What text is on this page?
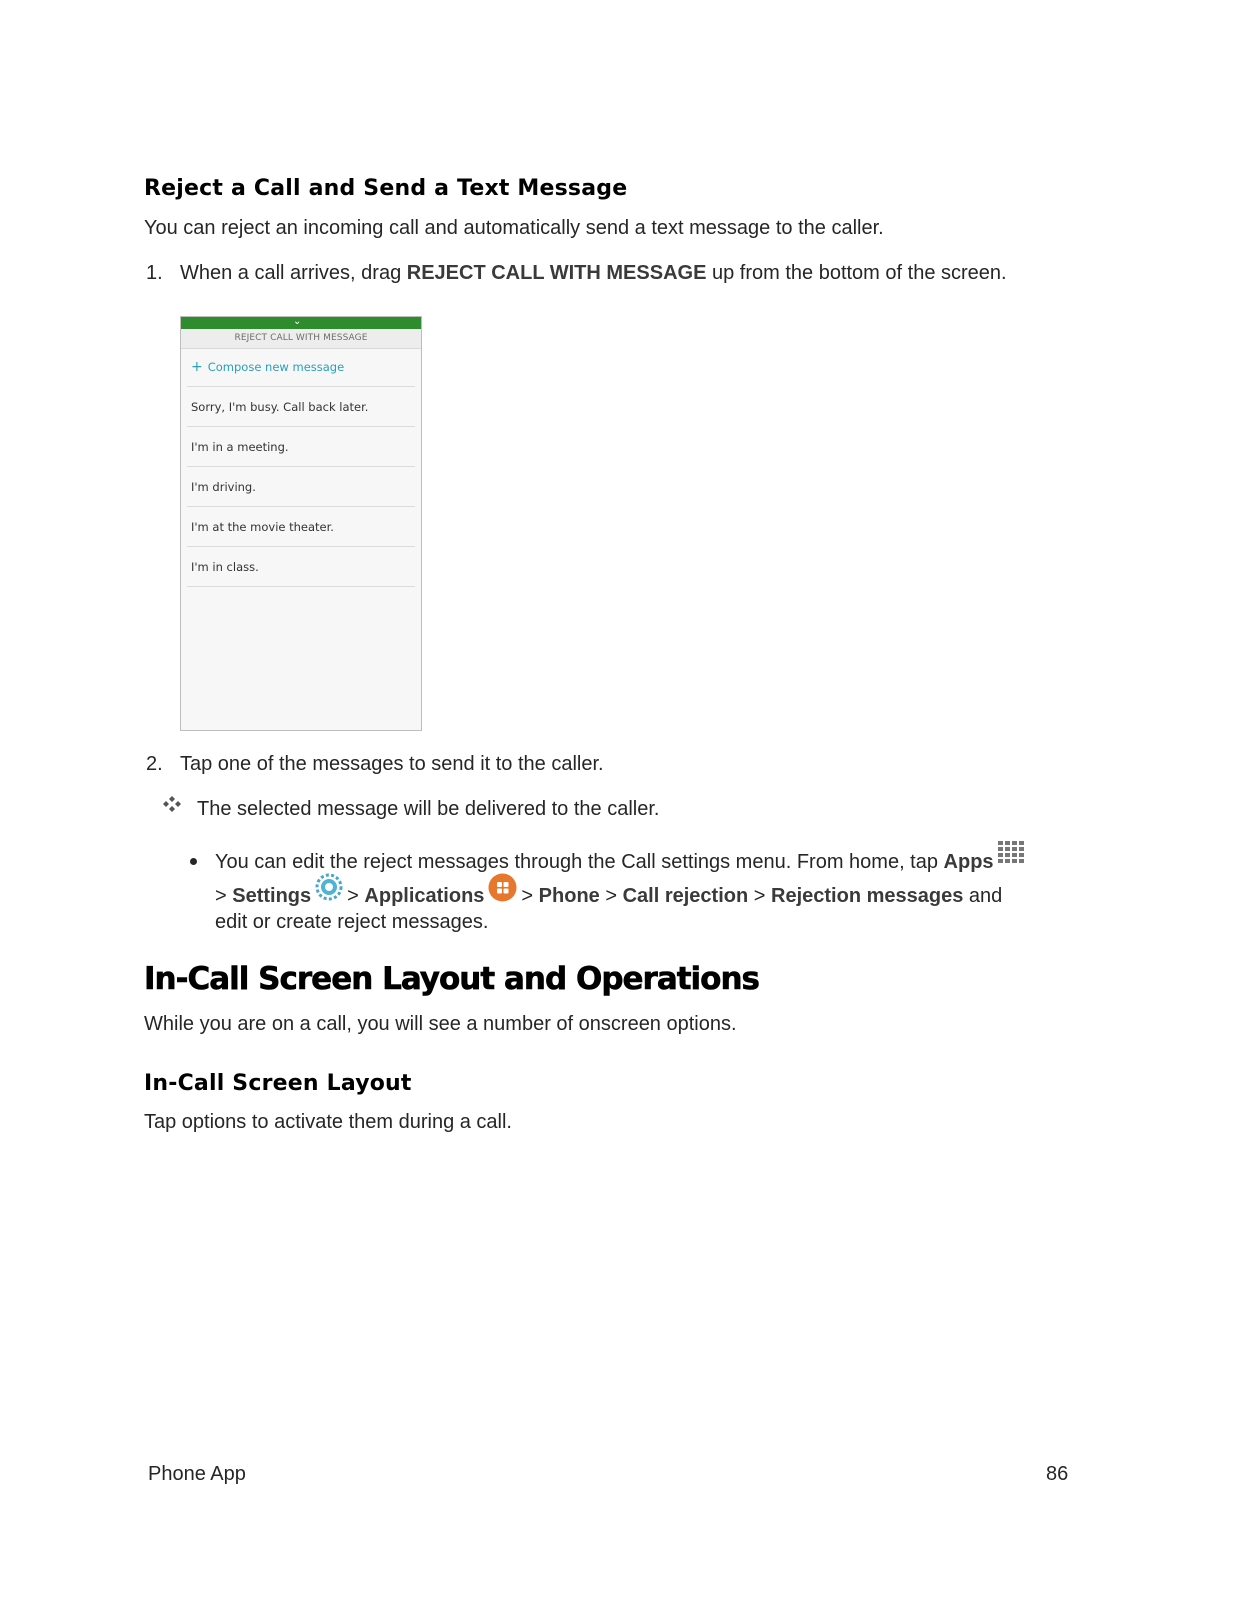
Reject a Call and Send a Text Message
You can reject an incoming call and automatically send a text message to the caller.
1. When a call arrives, drag REJECT CALL WITH MESSAGE up from the bottom of the screen.
⌄
REJECT CALL WITH MESSAGE
+ Compose new message
Sorry, I'm busy. Call back later.
I'm in a meeting.
I'm driving.
I'm at the movie theater.
I'm in class.
2. Tap one of the messages to send it to the caller.
The selected message will be delivered to the caller.
You can edit the reject messages through the Call settings menu. From home, tap Apps
> Settings > Applications > Phone > Call rejection > Rejection messages and
edit or create reject messages.
In-Call Screen Layout and Operations
While you are on a call, you will see a number of onscreen options.
In-Call Screen Layout
Tap options to activate them during a call.
Phone App	86
